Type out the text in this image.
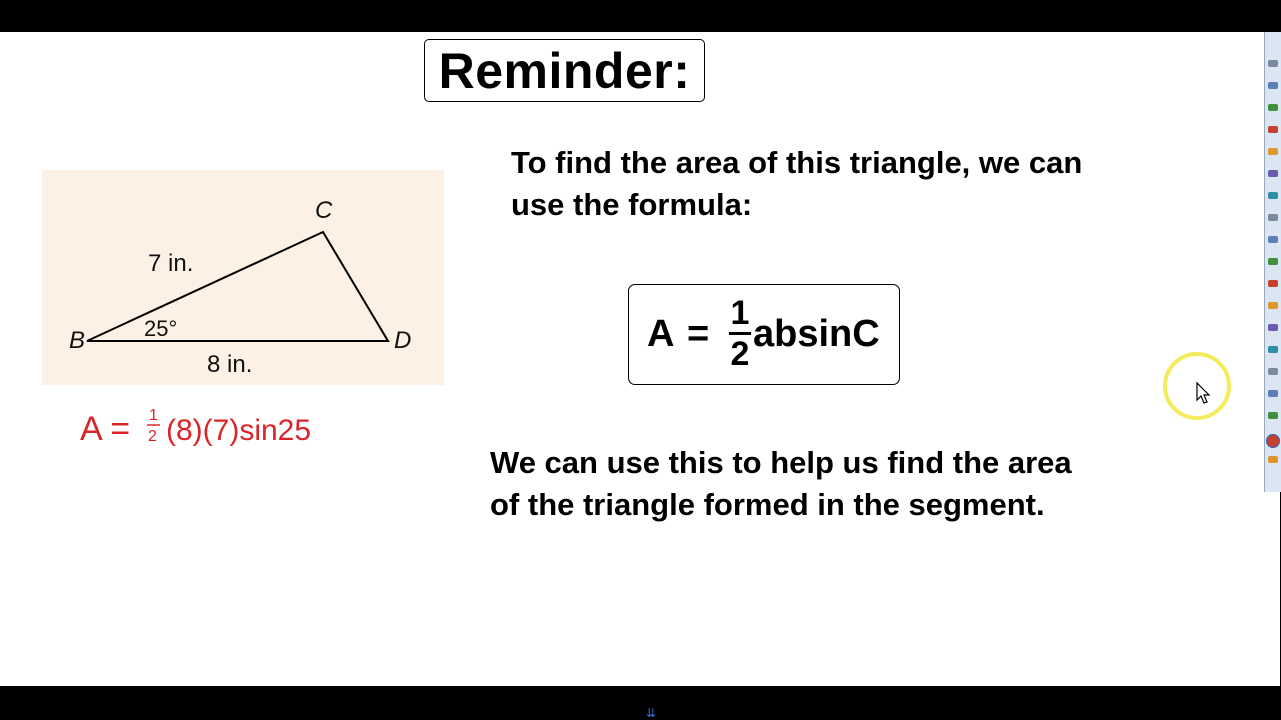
Reminder:
B
C
D
7 in.
8 in.
25°
A = 1
2 (8)(7)sin25
To find the area of this triangle, we can use the formula:
A = 1
2 absinC
We can use this to help us find the area of the triangle formed in the segment.
⇊
